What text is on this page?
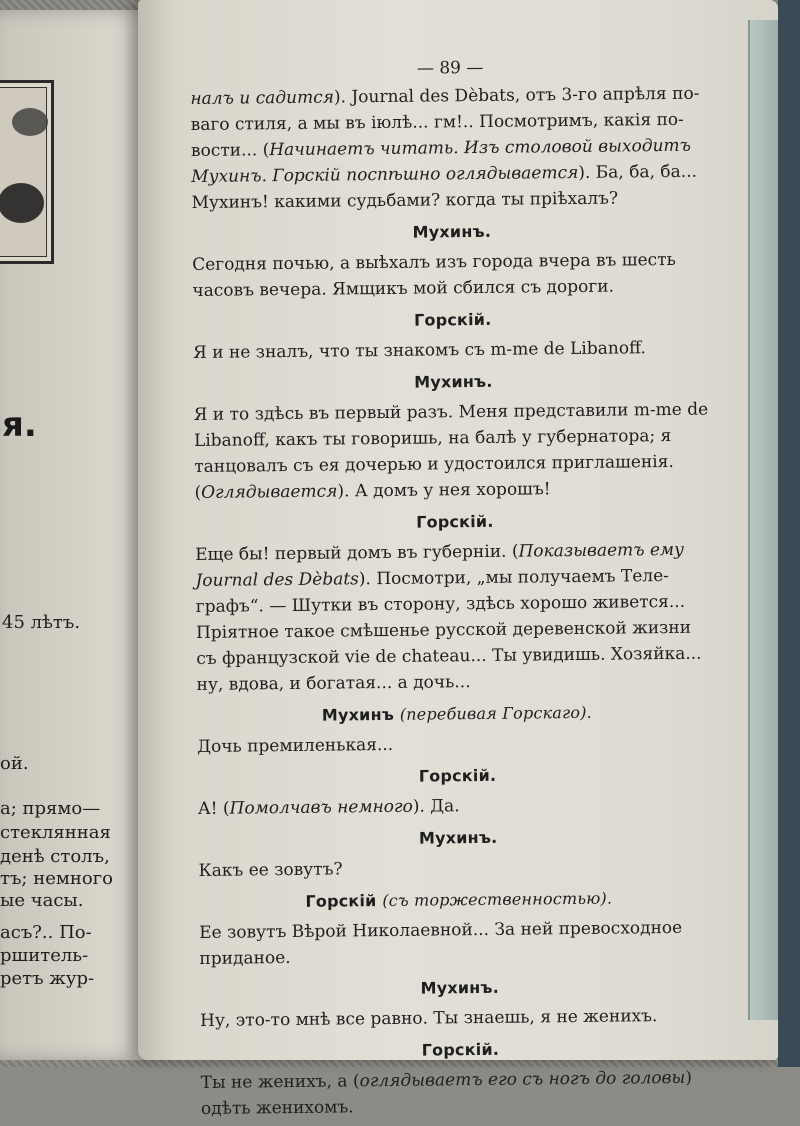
я.
45 лѣтъ.
ой.
а; прямо—
стеклянная
денѣ столъ,
тъ; немного
ые часы.
асъ?.. По-
ршитель-
ретъ жур-
— 89 —
налъ и садится). Journal des Dèbats, отъ 3-го апрѣля поваго стиля, а мы въ іюлѣ... гм!.. Посмотримъ, какія повости... (Начинаетъ читать. Изъ столовой выходитъ Мухинъ. Горскій поспѣшно оглядывается). Ба, ба, ба... Мухинъ! какими судьбами? когда ты пріѣхалъ?
Мухинъ.
Сегодня почью, а выѣхалъ изъ города вчера въ шесть часовъ вечера. Ямщикъ мой сбился съ дороги.
Горскій.
Я и не зналъ, что ты знакомъ съ m-me de Libanoff.
Мухинъ.
Я и то здѣсь въ первый разъ. Меня представили m-me de Libanoff, какъ ты говоришь, на балѣ у губернатора; я танцовалъ съ ея дочерью и удостоился приглашенія. (Оглядывается). А домъ у нея хорошъ!
Горскій.
Еще бы! первый домъ въ губерніи. (Показываетъ ему Journal des Dèbats). Посмотри, „мы получаемъ Телеграфъ“. — Шутки въ сторону, здѣсь хорошо живется... Пріятное такое смѣшенье русской деревенской жизни съ французской vie de chateau... Ты увидишь. Хозяйка... ну, вдова, и богатая... а дочь...
Мухинъ (перебивая Горскаго).
Дочь премиленькая...
Горскій.
А! (Помолчавъ немного). Да.
Мухинъ.
Какъ ее зовутъ?
Горскій (съ торжественностью).
Ее зовутъ Вѣрой Николаевной... За ней превосходное приданое.
Мухинъ.
Ну, это-то мнѣ все равно. Ты знаешь, я не женихъ.
Горскій.
Ты не женихъ, а (оглядываетъ его съ ногъ до головы) одѣть женихомъ.
